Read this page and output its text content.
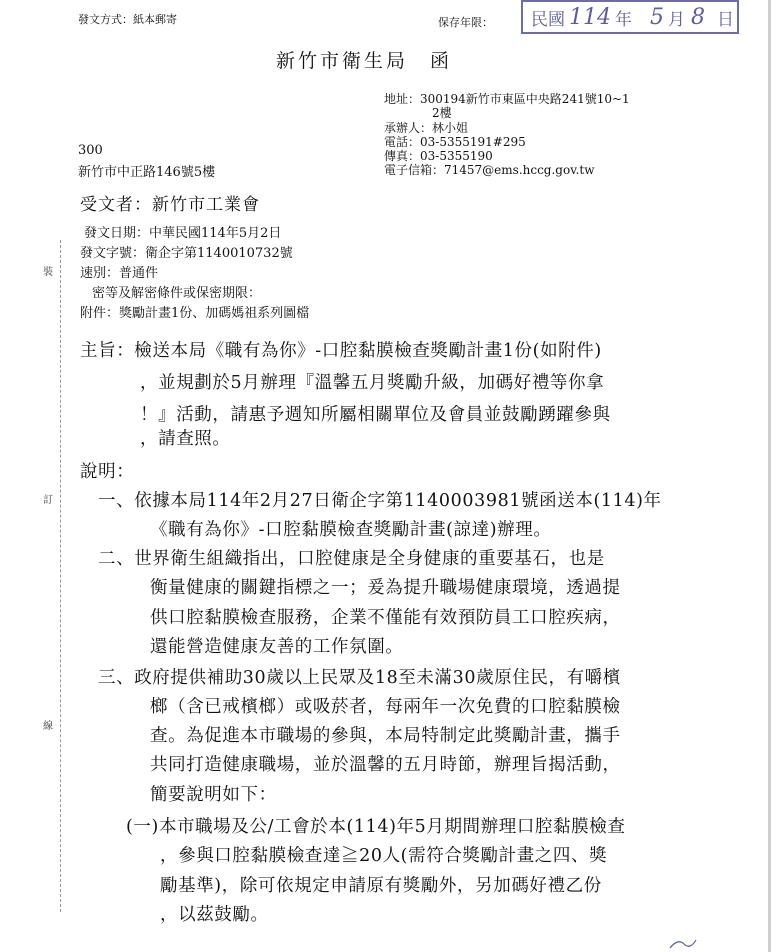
發文方式：紙本郵寄	保存年限： 民國 114 年 5 月 8 日
新竹市衛生局　函
地址：300194新竹市東區中央路241號10~1
2樓
承辦人：林小姐
電話：03-5355191#295
傳真：03-5355190
電子信箱：71457@ems.hccg.gov.tw
300
新竹市中正路146號5樓
受文者：新竹市工業會
發文日期：中華民國114年5月2日
發文字號：衛企字第1140010732號
速別：普通件
密等及解密條件或保密期限：
附件：獎勵計畫1份、加碼媽祖系列圖檔
裝
訂
線
主旨：檢送本局《職有為你》-口腔黏膜檢查獎勵計畫1份(如附件)
，並規劃於5月辦理『溫馨五月獎勵升級，加碼好禮等你拿
！』活動，請惠予週知所屬相關單位及會員並鼓勵踴躍參與
，請查照。
說明：
一、依據本局114年2月27日衛企字第1140003981號函送本(114)年
《職有為你》-口腔黏膜檢查獎勵計畫(諒達)辦理。
二、世界衛生組織指出，口腔健康是全身健康的重要基石，也是
衡量健康的關鍵指標之一；爰為提升職場健康環境，透過提
供口腔黏膜檢查服務，企業不僅能有效預防員工口腔疾病，
還能營造健康友善的工作氛圍。
三、政府提供補助30歲以上民眾及18至未滿30歲原住民，有嚼檳
榔（含已戒檳榔）或吸菸者，每兩年一次免費的口腔黏膜檢
查。為促進本市職場的參與，本局特制定此獎勵計畫，攜手
共同打造健康職場，並於溫馨的五月時節，辦理旨揭活動，
簡要說明如下：
(一)本市職場及公/工會於本(114)年5月期間辦理口腔黏膜檢查
，參與口腔黏膜檢查達≧20人(需符合獎勵計畫之四、獎
勵基準)，除可依規定申請原有獎勵外，另加碼好禮乙份
，以茲鼓勵。
